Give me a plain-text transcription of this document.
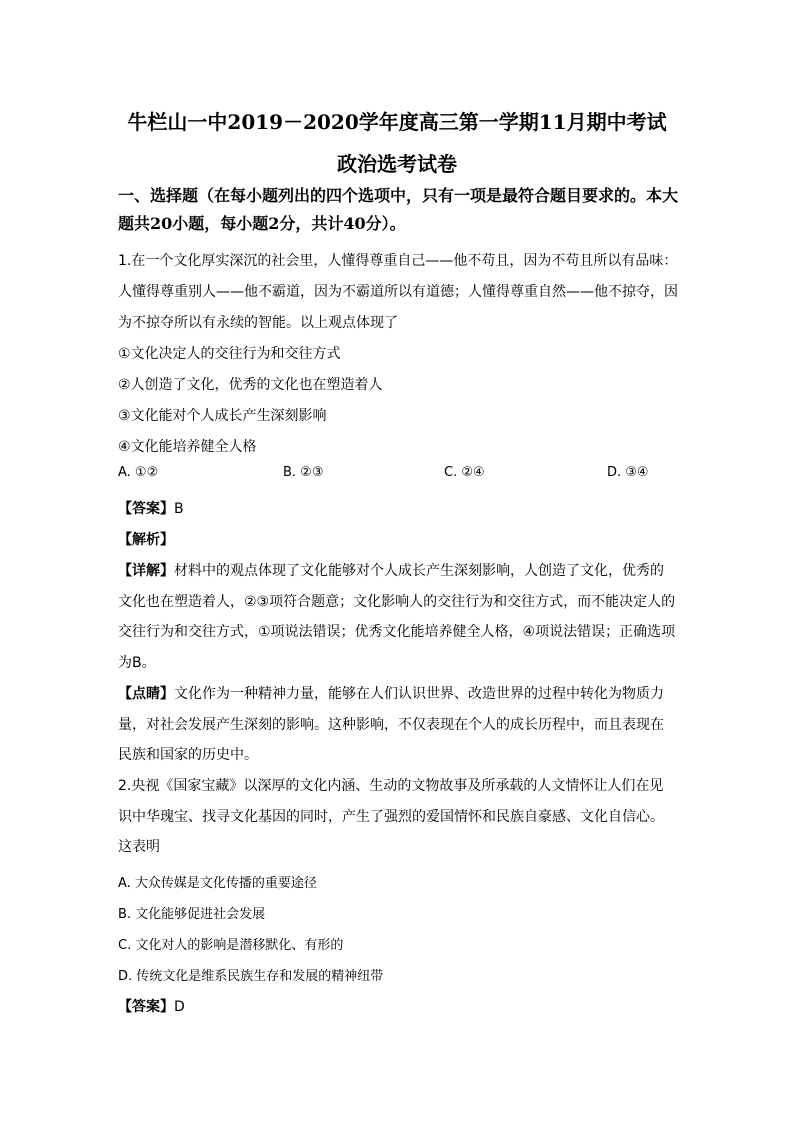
牛栏山一中2019－2020学年度高三第一学期11月期中考试
政治选考试卷
一、选择题（在每小题列出的四个选项中，只有一项是最符合题目要求的。本大题共20小题，每小题2分，共计40分）。
1.在一个文化厚实深沉的社会里，人懂得尊重自己——他不苟且，因为不苟且所以有品味：
人懂得尊重别人——他不霸道，因为不霸道所以有道德；人懂得尊重自然——他不掠夺，因
为不掠夺所以有永续的智能。以上观点体现了
①文化决定人的交往行为和交往方式
②人创造了文化，优秀的文化也在塑造着人
③文化能对个人成长产生深刻影响
④文化能培养健全人格
A. ①②	B. ②③	C. ②④	D. ③④
【答案】B
【解析】
【详解】材料中的观点体现了文化能够对个人成长产生深刻影响，人创造了文化，优秀的文化也在塑造着人，②③项符合题意；文化影响人的交往行为和交往方式，而不能决定人的交往行为和交往方式，①项说法错误；优秀文化能培养健全人格，④项说法错误；正确选项为B。
【点睛】文化作为一种精神力量，能够在人们认识世界、改造世界的过程中转化为物质力量，对社会发展产生深刻的影响。这种影响，不仅表现在个人的成长历程中，而且表现在民族和国家的历史中。
2.央视《国家宝藏》以深厚的文化内涵、生动的文物故事及所承载的人文情怀让人们在见识中华瑰宝、找寻文化基因的同时，产生了强烈的爱国情怀和民族自豪感、文化自信心。这表明
A. 大众传媒是文化传播的重要途径
B. 文化能够促进社会发展
C. 文化对人的影响是潜移默化、有形的
D. 传统文化是维系民族生存和发展的精神纽带
【答案】D
